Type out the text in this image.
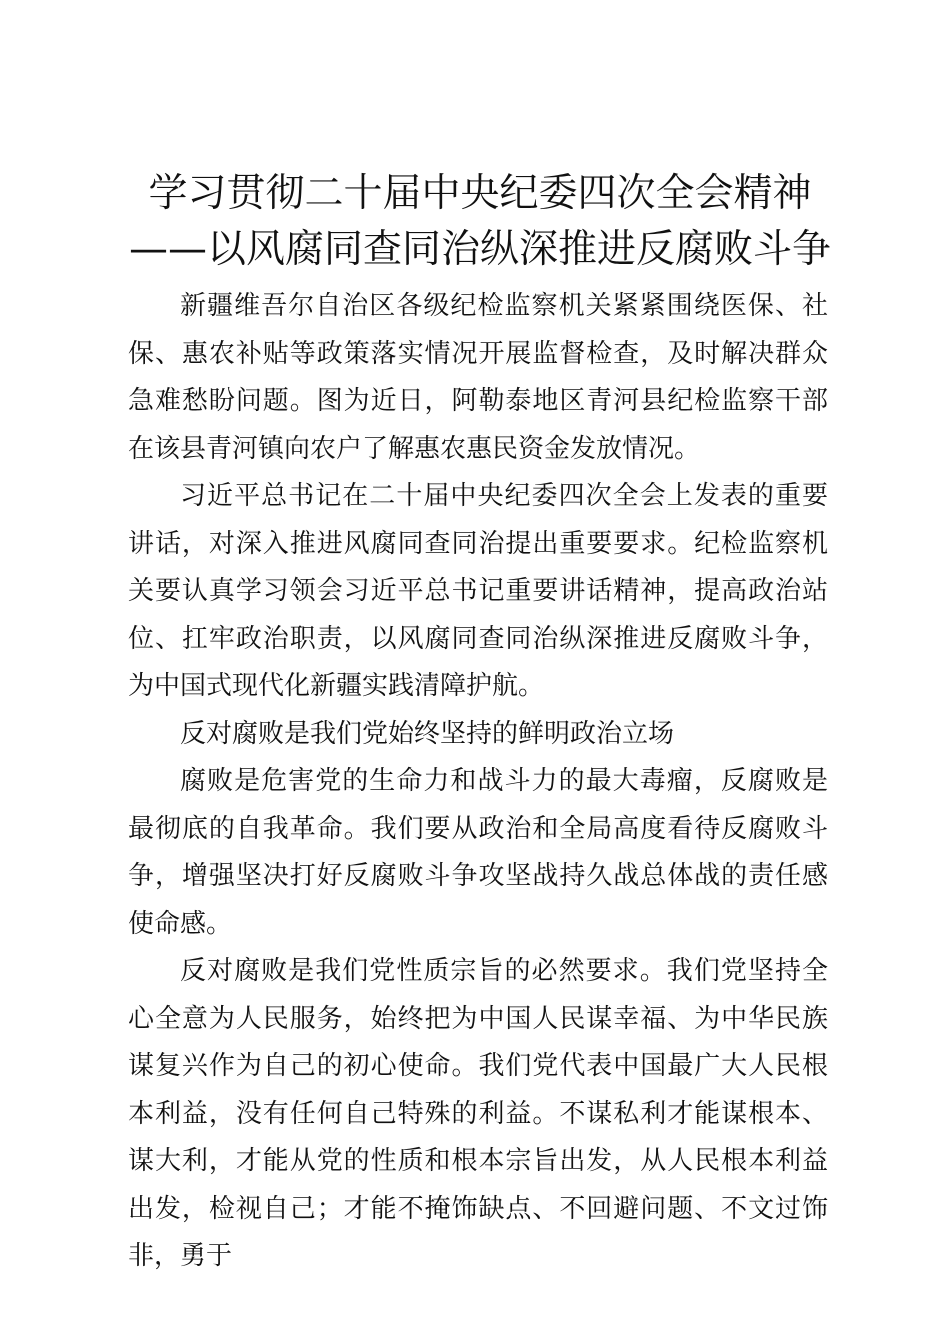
学习贯彻二十届中央纪委四次全会精神——以风腐同查同治纵深推进反腐败斗争

新疆维吾尔自治区各级纪检监察机关紧紧围绕医保、社保、惠农补贴等政策落实情况开展监督检查，及时解决群众急难愁盼问题。图为近日，阿勒泰地区青河县纪检监察干部在该县青河镇向农户了解惠农惠民资金发放情况。

习近平总书记在二十届中央纪委四次全会上发表的重要讲话，对深入推进风腐同查同治提出重要要求。纪检监察机关要认真学习领会习近平总书记重要讲话精神，提高政治站位、扛牢政治职责，以风腐同查同治纵深推进反腐败斗争，为中国式现代化新疆实践清障护航。

反对腐败是我们党始终坚持的鲜明政治立场

腐败是危害党的生命力和战斗力的最大毒瘤，反腐败是最彻底的自我革命。我们要从政治和全局高度看待反腐败斗争，增强坚决打好反腐败斗争攻坚战持久战总体战的责任感使命感。

反对腐败是我们党性质宗旨的必然要求。我们党坚持全心全意为人民服务，始终把为中国人民谋幸福、为中华民族谋复兴作为自己的初心使命。我们党代表中国最广大人民根本利益，没有任何自己特殊的利益。不谋私利才能谋根本、谋大利，才能从党的性质和根本宗旨出发，从人民根本利益出发，检视自己；才能不掩饰缺点、不回避问题、不文过饰非，勇于
